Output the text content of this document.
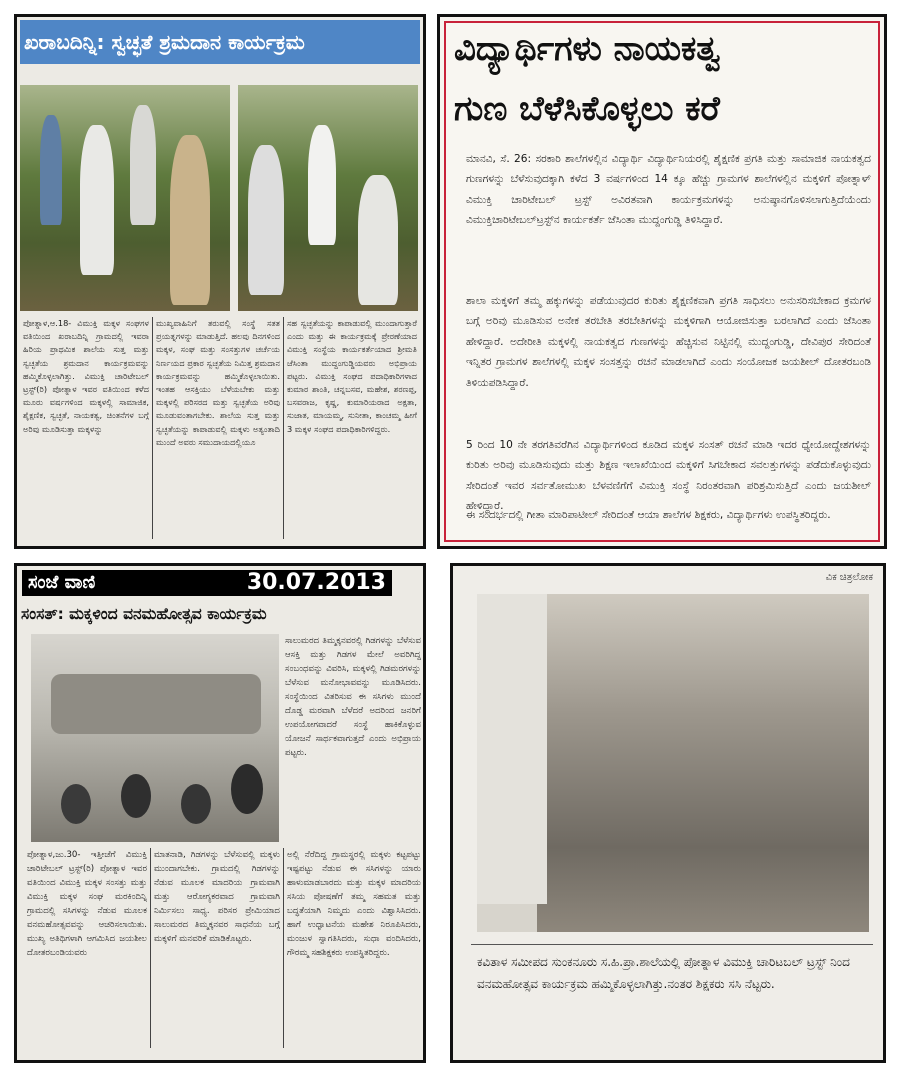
ಖರಾಬದಿನ್ನಿ: ಸ್ವಚ್ಛತೆ ಶ್ರಮದಾನ ಕಾರ್ಯಕ್ರಮ
ಪೋತ್ನಾಳ,ಆ.18- ವಿಮುಕ್ತಿ ಮಕ್ಕಳ ಸಂಘಗಳ ವತಿಯಿಂದ ಖರಾಬದಿನ್ನಿ ಗ್ರಾಮದಲ್ಲಿ ಇವರಾ ಹಿರಿಯ ಪ್ರಾಥಮಿಕ ಶಾಲೆಯ ಸುತ್ತ ಮತ್ತು ಸ್ವಚ್ಛತೆಯ ಶ್ರಮದಾನ ಕಾರ್ಯಕ್ರಮವನ್ನು ಹಮ್ಮಿಕೊಳ್ಳಲಾಗಿತ್ತು. ವಿಮುಕ್ತಿ ಚಾರಿಟೇಬಲ್ ಟ್ರಸ್ಟ್(ರಿ) ಪೋತ್ನಾಳ ಇವರ ವತಿಯಿಂದ ಕಳೆದ ಮೂರು ವರ್ಷಗಳಿಂದ ಮಕ್ಕಳಲ್ಲಿ ಸಾಮಾಜಿಕ, ಶೈಕ್ಷಣಿಕ, ಸ್ವಚ್ಛತೆ, ನಾಯಕತ್ವ, ಚಿಂತನೆಗಳ ಬಗ್ಗೆ ಅರಿವು ಮೂಡಿಸುತ್ತಾ ಮಕ್ಕಳನ್ನು
ಮುಖ್ಯವಾಹಿನಿಗೆ ತರುವಲ್ಲಿ ಸಂಸ್ಥೆ ಸತತ ಪ್ರಯತ್ನಗಳನ್ನು ಮಾಡುತ್ತಿದೆ. ಹಲವು ದಿನಗಳಿಂದ ಮಕ್ಕಳ, ಸಂಘ ಮತ್ತು ಸಂಸತ್ತುಗಳ ಚರ್ಚೆಯ ನಿರ್ಣಯದ ಪ್ರಕಾರ ಸ್ವಚ್ಛತೆಯ ನಿಮಿತ್ತ ಶ್ರಮದಾನ ಕಾರ್ಯಕ್ರಮವನ್ನು ಹಮ್ಮಿಕೊಳ್ಳಲಾಯಿತು. ಇಂತಹ ಆಸಕ್ತಿಯು ಬೆಳೆಯಬೇಕು ಮತ್ತು ಮಕ್ಕಳಲ್ಲಿ ಪರಿಸರದ ಮತ್ತು ಸ್ವಚ್ಛತೆಯ ಅರಿವು ಮೂಡುವಂತಾಗಬೇಕು. ಶಾಲೆಯ ಸುತ್ತ ಮತ್ತು ಸ್ವಚ್ಛತೆಯನ್ನು ಕಾಪಾಡುವಲ್ಲಿ ಮಕ್ಕಳು ಅತ್ಯಂತಾದಿ ಮುಂದೆ ಅವರು ಸಮುದಾಯದಲ್ಲಿಯೂ
ಸಹ ಸ್ವಚ್ಛತೆಯನ್ನು ಕಾಪಾಡುವಲ್ಲಿ ಮುಂದಾಗುತ್ತಾರೆ ಎಂದು ಮತ್ತು ಈ ಕಾರ್ಯಕ್ರಮಕ್ಕೆ ಪ್ರೇರಣೆಯಾದ ವಿಮುಕ್ತಿ ಸಂಸ್ಥೆಯ ಕಾರ್ಯಕರ್ತೆಯಾದ ಶ್ರೀಮತಿ ಜೆಸಿಂತಾ ಮುದ್ದಂಗುಡ್ಡಿಯವರು ಅಭಿಪ್ರಾಯ ಪಟ್ಟರು. ವಿಮುಕ್ತಿ ಸಂಘದ ಪದಾಧಿಕಾರಿಗಳಾದ ಕುಮಾರ ಶಾಂತಿ, ಚನ್ನಬಸವ, ಮಹೇಶ, ಶರಣಪ್ಪ, ಬಸವರಾಜ, ಕೃಷ್ಣ, ಕುಮಾರಿಯರಾದ ಅಕ್ಷತಾ, ಸುಜಾತ, ಮಾಯಮ್ಮ, ಸುನೀತಾ, ಕಾಂಚಮ್ಮ ಹೀಗೆ 3 ಮಕ್ಕಳ ಸಂಘದ ಪದಾಧಿಕಾರಿಗಳಿದ್ದರು.
ವಿದ್ಯಾರ್ಥಿಗಳು ನಾಯಕತ್ವ
ಗುಣ ಬೆಳೆಸಿಕೊಳ್ಳಲು ಕರೆ
ಮಾನವಿ, ಸೆ. 26: ಸರಕಾರಿ ಶಾಲೆಗಳಲ್ಲಿನ ವಿದ್ಯಾರ್ಥಿ ವಿದ್ಯಾರ್ಥಿನಿಯರಲ್ಲಿ ಶೈಕ್ಷಣಿಕ ಪ್ರಗತಿ ಮತ್ತು ಸಾಮಾಜಿಕ ನಾಯಕತ್ವದ ಗುಣಗಳನ್ನು ಬೆಳೆಸುವುದಕ್ಕಾಗಿ ಕಳೆದ 3 ವರ್ಷಗಳಿಂದ 14 ಕ್ಕೂ ಹೆಚ್ಚು ಗ್ರಾಮಗಳ ಶಾಲೆಗಳಲ್ಲಿನ ಮಕ್ಕಳಿಗೆ ಪೋತ್ನಾಳ್ ವಿಮುಕ್ತಿ ಚಾರಿಟೇಬಲ್ ಟ್ರಸ್ಟ್ ಅವಿರತವಾಗಿ ಕಾರ್ಯಕ್ರಮಗಳನ್ನು ಅನುಷ್ಠಾನಗೊಳಿಸಲಾಗುತ್ತಿದೆಯೆಂದು ವಿಮುಕ್ತಿಚಾರಿಟೇಬಲ್‌ಟ್ರಸ್ಟ್‌ನ ಕಾರ್ಯಕರ್ತೆ ಜೆಸಿಂತಾ ಮುದ್ದಂಗುಡ್ಡಿ ತಿಳಿಸಿದ್ದಾರೆ.
ಶಾಲಾ ಮಕ್ಕಳಿಗೆ ತಮ್ಮ ಹಕ್ಕುಗಳನ್ನು ಪಡೆಯುವುದರ ಕುರಿತು ಶೈಕ್ಷಣಿಕವಾಗಿ ಪ್ರಗತಿ ಸಾಧಿಸಲು ಅನುಸರಿಸಬೇಕಾದ ಕ್ರಮಗಳ ಬಗ್ಗೆ ಅರಿವು ಮೂಡಿಸುವ ಅನೇಕ ತರಬೇತಿ ತರಬೇತಿಗಳನ್ನು ಮಕ್ಕಳಿಗಾಗಿ ಆಯೋಜಿಸುತ್ತಾ ಬರಲಾಗಿದೆ ಎಂದು ಜೆಸಿಂತಾ ಹೇಳಿದ್ದಾರೆ. ಅದೇರೀತಿ ಮಕ್ಕಳಲ್ಲಿ ನಾಯಕತ್ವದ ಗುಣಗಳನ್ನು ಹೆಚ್ಚಿಸುವ ನಿಟ್ಟಿನಲ್ಲಿ ಮುದ್ದಂಗುಡ್ಡಿ, ದೇವಿಪುರ ಸೇರಿದಂತೆ ಇನ್ನಿತರ ಗ್ರಾಮಗಳ ಶಾಲೆಗಳಲ್ಲಿ ಮಕ್ಕಳ ಸಂಸತ್ತನ್ನು ರಚನೆ ಮಾಡಲಾಗಿದೆ ಎಂದು ಸಂಯೋಜಕ ಜಯಶೀಲ್ ದೋತರಬಂಡಿ ತಿಳಿಯಪಡಿಸಿದ್ದಾರೆ.
5 ರಿಂದ 10 ನೇ ತರಗತಿವರೆಗಿನ ವಿದ್ಯಾರ್ಥಿಗಳಿಂದ ಕೂಡಿದ ಮಕ್ಕಳ ಸಂಸತ್ ರಚನೆ ಮಾಡಿ ಇದರ ಧ್ಯೇಯೋದ್ದೇಶಗಳನ್ನು ಕುರಿತು ಅರಿವು ಮೂಡಿಸುವುದು ಮತ್ತು ಶಿಕ್ಷಣ ಇಲಾಖೆಯಿಂದ ಮಕ್ಕಳಿಗೆ ಸಿಗಬೇಕಾದ ಸವಲತ್ತುಗಳನ್ನು ಪಡೆದುಕೊಳ್ಳುವುದು ಸೇರಿದಂತೆ ಇವರ ಸರ್ವತೋಮುಖ ಬೆಳವಣಿಗೆಗೆ ವಿಮುಕ್ತಿ ಸಂಸ್ಥೆ ನಿರಂತರವಾಗಿ ಪರಿಶ್ರಮಿಸುತ್ತಿದೆ ಎಂದು ಜಯಶೀಲ್ ಹೇಳಿದ್ದಾರೆ.
ಈ ಸಂದರ್ಭದಲ್ಲಿ ಗೀತಾ ಮಾರಿಪಾಟೀಲ್ ಸೇರಿದಂತೆ ಆಯಾ ಶಾಲೆಗಳ ಶಿಕ್ಷಕರು, ವಿದ್ಯಾರ್ಥಿಗಳು ಉಪಸ್ಥಿತರಿದ್ದರು.
ಸಂಜೆ ವಾಣಿ	30.07.2013
ಸಂಸತ್: ಮಕ್ಕಳಿಂದ ವನಮಹೋತ್ಸವ ಕಾರ್ಯಕ್ರಮ
ಸಾಲುಮರದ ತಿಮ್ಮಕ್ಕನವರಲ್ಲಿ ಗಿಡಗಳನ್ನು ಬೆಳೆಸುವ ಆಸಕ್ತಿ ಮತ್ತು ಗಿಡಗಳ ಮೇಲೆ ಅವರಿಗಿದ್ದ ಸಂಬಂಧವನ್ನು ವಿವರಿಸಿ, ಮಕ್ಕಳಲ್ಲಿ ಗಿಡಮರಗಳನ್ನು ಬೆಳೆಸುವ ಮನೋಭಾವವನ್ನು ಮೂಡಿಸಿದರು. ಸಂಸ್ಥೆಯಿಂದ ವಿತರಿಸುವ ಈ ಸಸಿಗಳು ಮುಂದೆ ದೊಡ್ಡ ಮರವಾಗಿ ಬೆಳೆದರೆ ಅದರಿಂದ ಜನರಿಗೆ ಉಪಯೋಗವಾದರೆ ಸಂಸ್ಥೆ ಹಾಕಿಕೊಳ್ಳುವ ಯೋಜನೆ ಸಾರ್ಥಕವಾಗುತ್ತದೆ ಎಂದು ಅಭಿಪ್ರಾಯ ಪಟ್ಟರು.
ಪೋತ್ನಾಳ,ಜು.30- ಇತ್ತೀಚೆಗೆ ವಿಮುಕ್ತಿ ಚಾರಿಟೇಬಲ್ ಟ್ರಸ್ಟ್(ರಿ) ಪೋತ್ನಾಳ ಇವರ ವತಿಯಿಂದ ವಿಮುಕ್ತಿ ಮಕ್ಕಳ ಸಂಸತ್ತು ಮತ್ತು ವಿಮುಕ್ತಿ ಮಕ್ಕಳ ಸಂಘ ಮರಕಿಂದಿನ್ನಿ ಗ್ರಾಮದಲ್ಲಿ ಸಸಿಗಳನ್ನು ನೆಡುವ ಮೂಲಕ ವನಮಹೋತ್ಸವವನ್ನು ಆಚರಿಸಲಾಯಿತು. ಮುಖ್ಯ ಅತಿಥಿಗಳಾಗಿ ಆಗಮಿಸಿದ ಜಯಶೀಲ ದೋತರಬಂಡಿಯವರು
ಮಾತನಾಡಿ, ಗಿಡಗಳನ್ನು ಬೆಳೆಸುವಲ್ಲಿ ಮಕ್ಕಳು ಮುಂದಾಗಬೇಕು. ಗ್ರಾಮದಲ್ಲಿ ಗಿಡಗಳನ್ನು ನೆಡುವ ಮೂಲಕ ಮಾದರಿಯ ಗ್ರಾಮವಾಗಿ ಮತ್ತು ಆರೋಗ್ಯಕರವಾದ ಗ್ರಾಮವಾಗಿ ನಿರ್ಮಿಸಲು ಸಾಧ್ಯ. ಪರಿಸರ ಪ್ರೇಮಿಯಾದ ಸಾಲುಮರದ ತಿಮ್ಮಕ್ಕನವರ ಸಾಧನೆಯ ಬಗ್ಗೆ ಮಕ್ಕಳಿಗೆ ಮನವರಿಕೆ ಮಾಡಿಕೊಟ್ಟರು.
ಅಲ್ಲಿ ನೆರೆದಿದ್ದ ಗ್ರಾಮಸ್ಥರಲ್ಲಿ ಮಕ್ಕಳು ಕಟ್ಟಪಟ್ಟು ಇಷ್ಟಪಟ್ಟು ನೆಡುವ ಈ ಸಸಿಗಳನ್ನು ಯಾರು ಹಾಳುಮಾಡಬಾರದು ಮತ್ತು ಮಕ್ಕಳ ಮಾದರಿಯ ಸಸಿಯ ಪೋಷಣೆಗೆ ತಮ್ಮ ಸಹಮತ ಮತ್ತು ಬದ್ಧತೆಯಾಗಿ ನಿಮ್ಮದು ಎಂದು ವಿಶ್ವಾಸಿಸಿದರು. ಹಾಗೆ ಉಧ್ಘಾಟನೆಯ ಮಹೇಶ ನಿರೂಪಿಸಿದರು, ಮಂಜುಳ ಸ್ವಾಗತಿಸಿದರು, ಸುಧಾ ವಂದಿಸಿದರು, ಗೌರಮ್ಮ ಸಹಶಿಕ್ಷಕರು ಉಪಸ್ಥಿತರಿದ್ದರು.
ವಿಕ ಚಿತ್ರಲೋಕ
ಕವಿತಾಳ ಸಮೀಪದ ಸುಂಕನೂರು ಸ.ಹಿ.ಪ್ರಾ.ಶಾಲೆಯಲ್ಲಿ ಪೋತ್ನಾಳ ವಿಮುಕ್ತಿ ಚಾರಿಟಬಲ್ ಟ್ರಸ್ಟ್ ನಿಂದ ವನಮಹೋತ್ಸವ ಕಾರ್ಯಕ್ರಮ ಹಮ್ಮಿಕೊಳ್ಳಲಾಗಿತ್ತು.ನಂತರ ಶಿಕ್ಷಕರು ಸಸಿ ನೆಟ್ಟರು.
